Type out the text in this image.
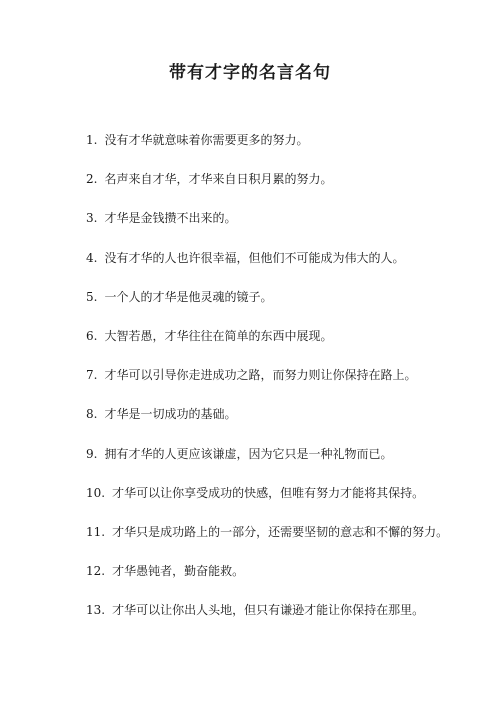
带有才字的名言名句
1. 没有才华就意味着你需要更多的努力。
2. 名声来自才华，才华来自日积月累的努力。
3. 才华是金钱攒不出来的。
4. 没有才华的人也许很幸福，但他们不可能成为伟大的人。
5. 一个人的才华是他灵魂的镜子。
6. 大智若愚，才华往往在简单的东西中展现。
7. 才华可以引导你走进成功之路，而努力则让你保持在路上。
8. 才华是一切成功的基础。
9. 拥有才华的人更应该谦虚，因为它只是一种礼物而已。
10. 才华可以让你享受成功的快感，但唯有努力才能将其保持。
11. 才华只是成功路上的一部分，还需要坚韧的意志和不懈的努力。
12. 才华愚钝者，勤奋能救。
13. 才华可以让你出人头地，但只有谦逊才能让你保持在那里。
